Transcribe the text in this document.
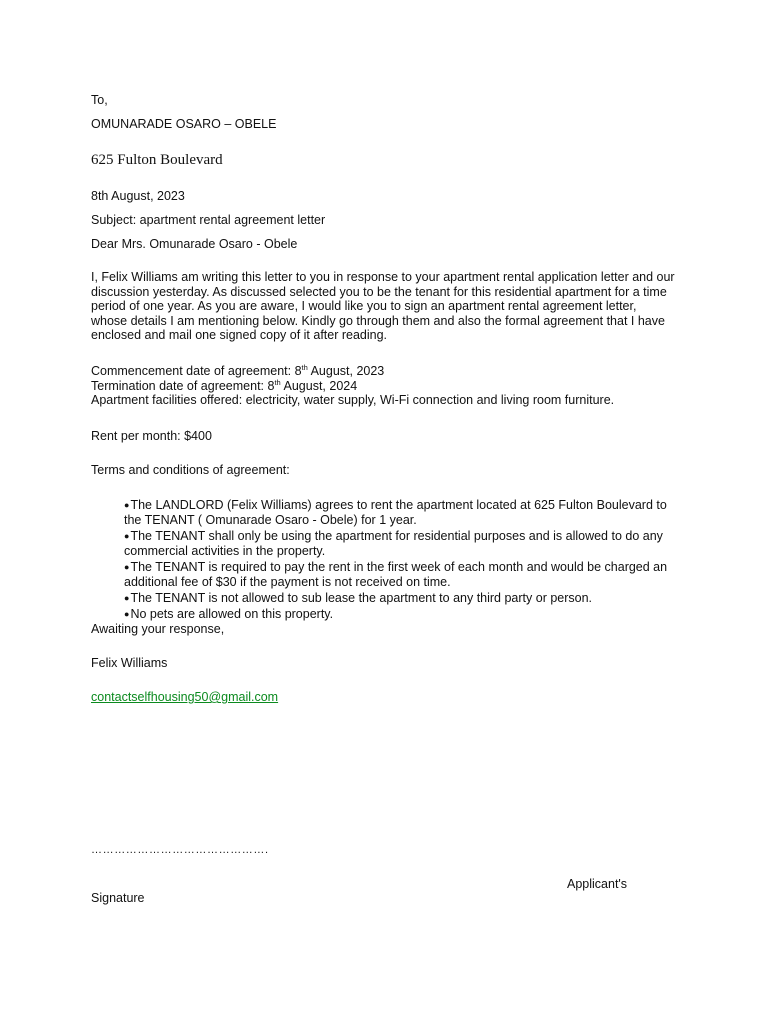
To,

OMUNARADE OSARO – OBELE

625 Fulton Boulevard

8th August, 2023

Subject: apartment rental agreement letter

Dear Mrs. Omunarade Osaro - Obele

I, Felix Williams am writing this letter to you in response to your apartment rental application letter and our
discussion yesterday. As discussed selected you to be the tenant for this residential apartment for a time
period of one year. As you are aware, I would like you to sign an apartment rental agreement letter,
whose details I am mentioning below. Kindly go through them and also the formal agreement that I have
enclosed and mail one signed copy of it after reading.
Commencement date of agreement: 8th August, 2023
Termination date of agreement: 8th August, 2024
Apartment facilities offered: electricity, water supply, Wi-Fi connection and living room furniture.

Rent per month: $400

Terms and conditions of agreement:

●The LANDLORD (Felix Williams) agrees to rent the apartment located at 625 Fulton Boulevard to
the TENANT ( Omunarade Osaro - Obele) for 1 year.
●The TENANT shall only be using the apartment for residential purposes and is allowed to do any
commercial activities in the property.
●The TENANT is required to pay the rent in the first week of each month and would be charged an
additional fee of $30 if the payment is not received on time.
●The TENANT is not allowed to sub lease the apartment to any third party or person.
●No pets are allowed on this property.

Awaiting your response,

Felix Williams

contactselfhousing50@gmail.com

……………………………………….

Applicant's

Signature
